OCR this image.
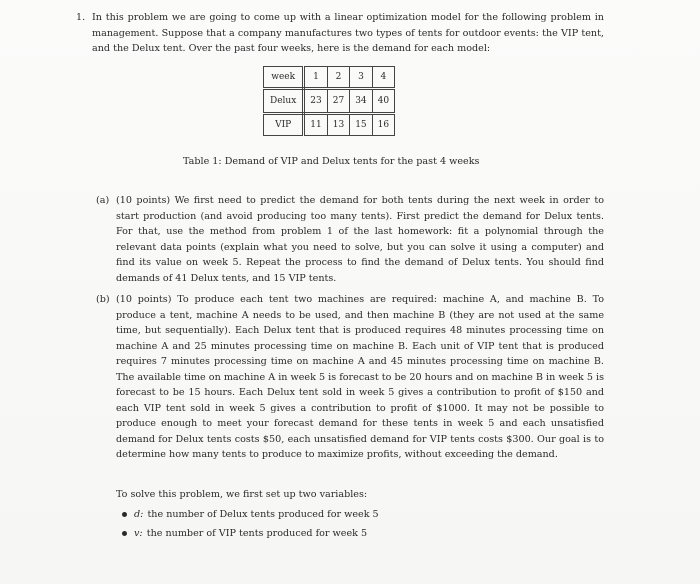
1. In this problem we are going to come up with a linear optimization model for the following problem in management. Suppose that a company manufactures two types of tents for outdoor events: the VIP tent, and the Delux tent. Over the past four weeks, here is the demand for each model:
week	1	2	3	4
Delux	23	27	34	40
VIP	11	13	15	16
Table 1: Demand of VIP and Delux tents for the past 4 weeks
(a) (10 points) We first need to predict the demand for both tents during the next week in order to start production (and avoid producing too many tents). First predict the demand for Delux tents. For that, use the method from problem 1 of the last homework: fit a polynomial through the relevant data points (explain what you need to solve, but you can solve it using a computer) and find its value on week 5. Repeat the process to find the demand of Delux tents. You should find demands of 41 Delux tents, and 15 VIP tents.
(b) (10 points) To produce each tent two machines are required: machine A, and machine B. To produce a tent, machine A needs to be used, and then machine B (they are not used at the same time, but sequentially). Each Delux tent that is produced requires 48 minutes processing time on machine A and 25 minutes processing time on machine B. Each unit of VIP tent that is produced requires 7 minutes processing time on machine A and 45 minutes processing time on machine B. The available time on machine A in week 5 is forecast to be 20 hours and on machine B in week 5 is forecast to be 15 hours. Each Delux tent sold in week 5 gives a contribution to profit of $150 and each VIP tent sold in week 5 gives a contribution to profit of $1000. It may not be possible to produce enough to meet your forecast demand for these tents in week 5 and each unsatisfied demand for Delux tents costs $50, each unsatisfied demand for VIP tents costs $300. Our goal is to determine how many tents to produce to maximize profits, without exceeding the demand.
To solve this problem, we first set up two variables:
d:
the number of Delux tents produced for week 5
v:
the number of VIP tents produced for week 5
